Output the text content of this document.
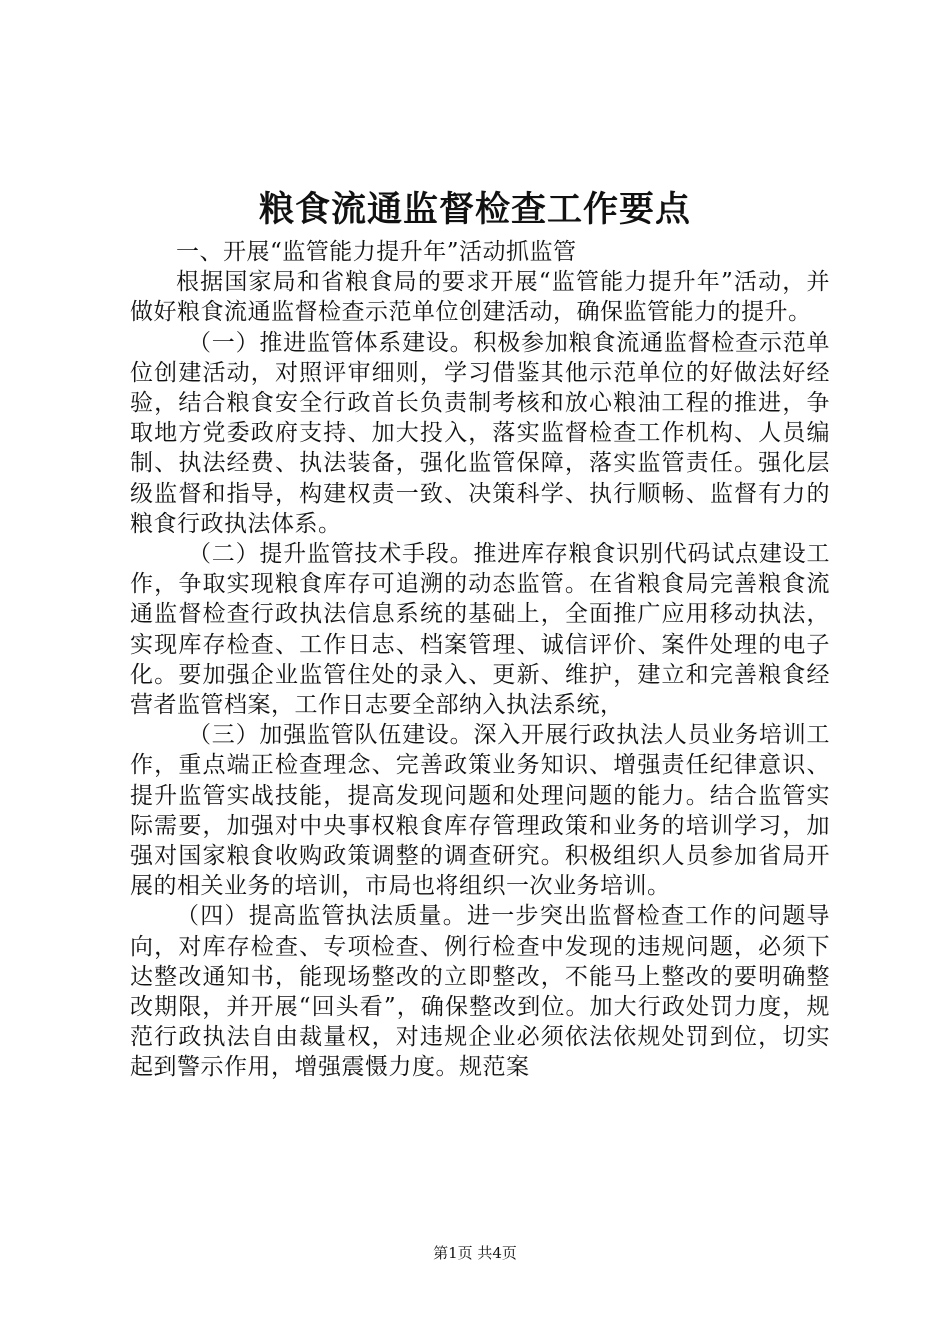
粮食流通监督检查工作要点

一、开展“监管能力提升年”活动抓监管

根据国家局和省粮食局的要求开展“监管能力提升年”活动，并做好粮食流通监督检查示范单位创建活动，确保监管能力的提升。

（一）推进监管体系建设。积极参加粮食流通监督检查示范单位创建活动，对照评审细则，学习借鉴其他示范单位的好做法好经验，结合粮食安全行政首长负责制考核和放心粮油工程的推进，争取地方党委政府支持、加大投入，落实监督检查工作机构、人员编制、执法经费、执法装备，强化监管保障，落实监管责任。强化层级监督和指导，构建权责一致、决策科学、执行顺畅、监督有力的粮食行政执法体系。

（二）提升监管技术手段。推进库存粮食识别代码试点建设工作，争取实现粮食库存可追溯的动态监管。在省粮食局完善粮食流通监督检查行政执法信息系统的基础上，全面推广应用移动执法，实现库存检查、工作日志、档案管理、诚信评价、案件处理的电子化。要加强企业监管住处的录入、更新、维护，建立和完善粮食经营者监管档案，工作日志要全部纳入执法系统，

（三）加强监管队伍建设。深入开展行政执法人员业务培训工作，重点端正检查理念、完善政策业务知识、增强责任纪律意识、提升监管实战技能，提高发现问题和处理问题的能力。结合监管实际需要，加强对中央事权粮食库存管理政策和业务的培训学习，加强对国家粮食收购政策调整的调查研究。积极组织人员参加省局开展的相关业务的培训，市局也将组织一次业务培训。

（四）提高监管执法质量。进一步突出监督检查工作的问题导向，对库存检查、专项检查、例行检查中发现的违规问题，必须下达整改通知书，能现场整改的立即整改，不能马上整改的要明确整改期限，并开展“回头看”，确保整改到位。加大行政处罚力度，规范行政执法自由裁量权，对违规企业必须依法依规处罚到位，切实起到警示作用，增强震慑力度。规范案

第1页 共4页
